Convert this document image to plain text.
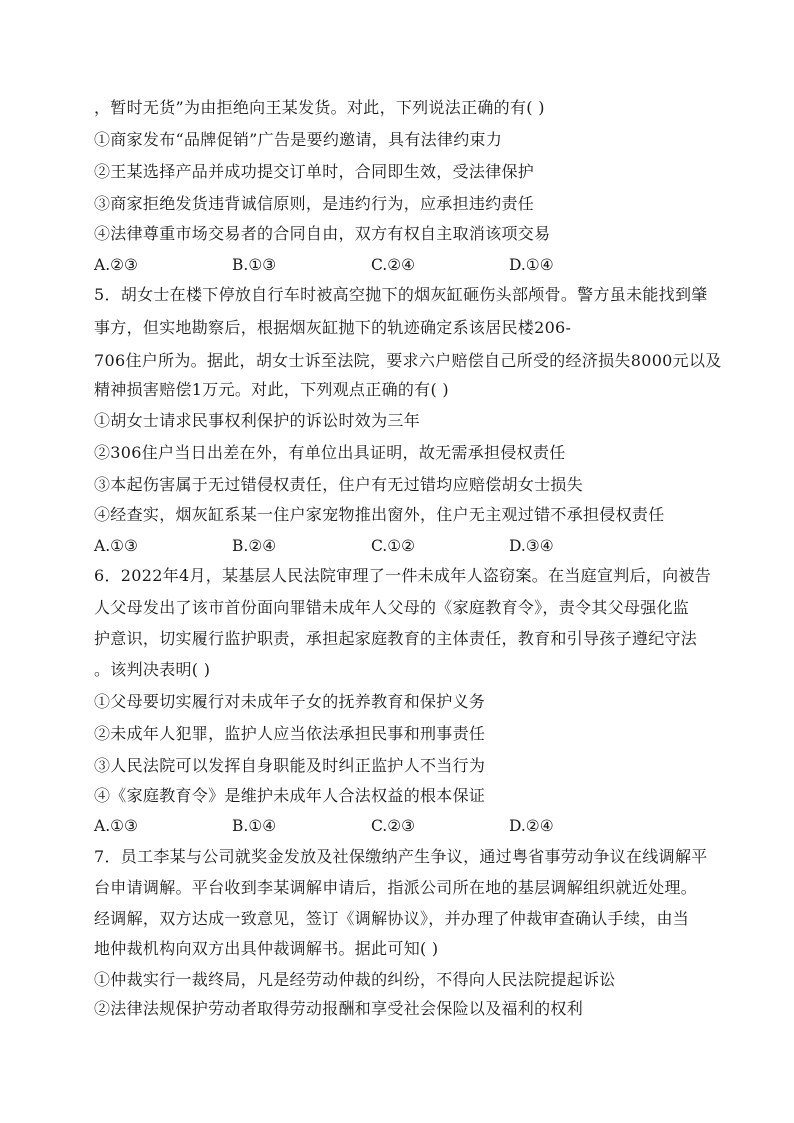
，暂时无货”为由拒绝向王某发货。对此，下列说法正确的有( )
①商家发布“品牌促销”广告是要约邀请，具有法律约束力
②王某选择产品并成功提交订单时，合同即生效，受法律保护
③商家拒绝发货违背诚信原则，是违约行为，应承担违约责任
④法律尊重市场交易者的合同自由，双方有权自主取消该项交易
A.②③	B.①③	C.②④	D.①④
5．胡女士在楼下停放自行车时被高空抛下的烟灰缸砸伤头部颅骨。警方虽未能找到肇
事方，但实地勘察后，根据烟灰缸抛下的轨迹确定系该居民楼206-
706住户所为。据此，胡女士诉至法院，要求六户赔偿自己所受的经济损失8000元以及
精神损害赔偿1万元。对此，下列观点正确的有( )
①胡女士请求民事权利保护的诉讼时效为三年
②306住户当日出差在外，有单位出具证明，故无需承担侵权责任
③本起伤害属于无过错侵权责任，住户有无过错均应赔偿胡女士损失
④经查实，烟灰缸系某一住户家宠物推出窗外，住户无主观过错不承担侵权责任
A.①③	B.②④	C.①②	D.③④
6．2022年4月，某基层人民法院审理了一件未成年人盗窃案。在当庭宣判后，向被告
人父母发出了该市首份面向罪错未成年人父母的《家庭教育令》，责令其父母强化监
护意识，切实履行监护职责，承担起家庭教育的主体责任，教育和引导孩子遵纪守法
。该判决表明( )
①父母要切实履行对未成年子女的抚养教育和保护义务
②未成年人犯罪，监护人应当依法承担民事和刑事责任
③人民法院可以发挥自身职能及时纠正监护人不当行为
④《家庭教育令》是维护未成年人合法权益的根本保证
A.①③	B.①④	C.②③	D.②④
7．员工李某与公司就奖金发放及社保缴纳产生争议，通过粤省事劳动争议在线调解平
台申请调解。平台收到李某调解申请后，指派公司所在地的基层调解组织就近处理。
经调解，双方达成一致意见，签订《调解协议》，并办理了仲裁审查确认手续，由当
地仲裁机构向双方出具仲裁调解书。据此可知( )
①仲裁实行一裁终局，凡是经劳动仲裁的纠纷，不得向人民法院提起诉讼
②法律法规保护劳动者取得劳动报酬和享受社会保险以及福利的权利
